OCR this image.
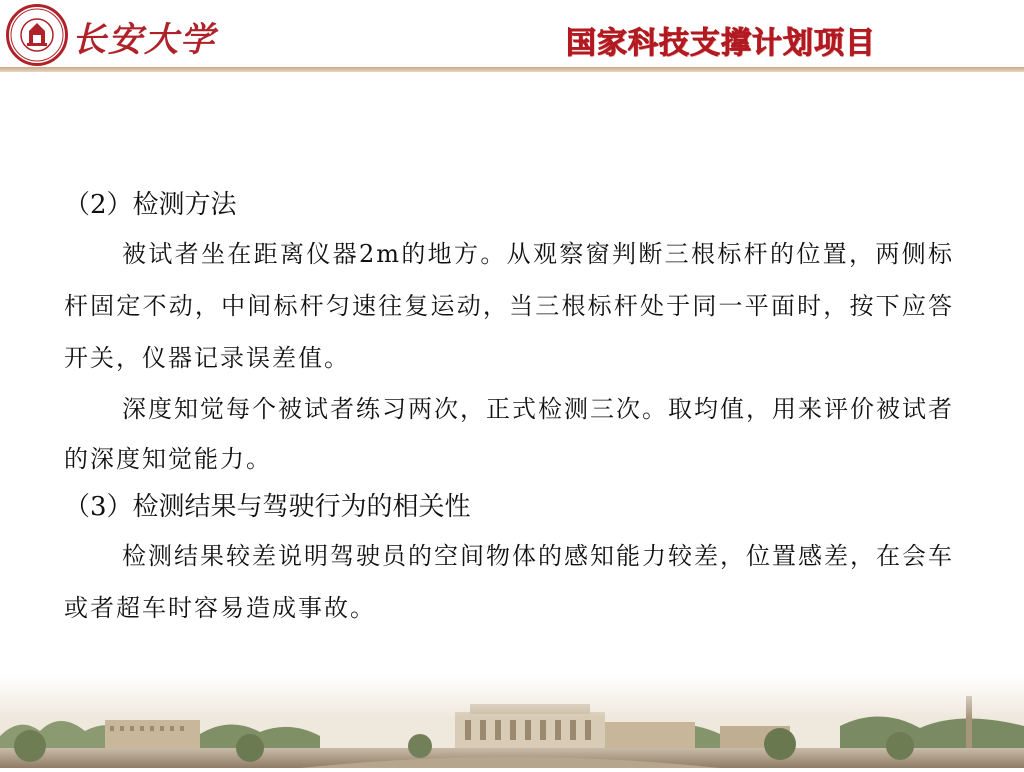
长安大学	国家科技支撑计划项目
（2）检测方法

被试者坐在距离仪器2m的地方。从观察窗判断三根标杆的位置，两侧标杆固定不动，中间标杆匀速往复运动，当三根标杆处于同一平面时，按下应答开关，仪器记录误差值。

深度知觉每个被试者练习两次，正式检测三次。取均值，用来评价被试者的深度知觉能力。

（3）检测结果与驾驶行为的相关性

检测结果较差说明驾驶员的空间物体的感知能力较差，位置感差，在会车或者超车时容易造成事故。
